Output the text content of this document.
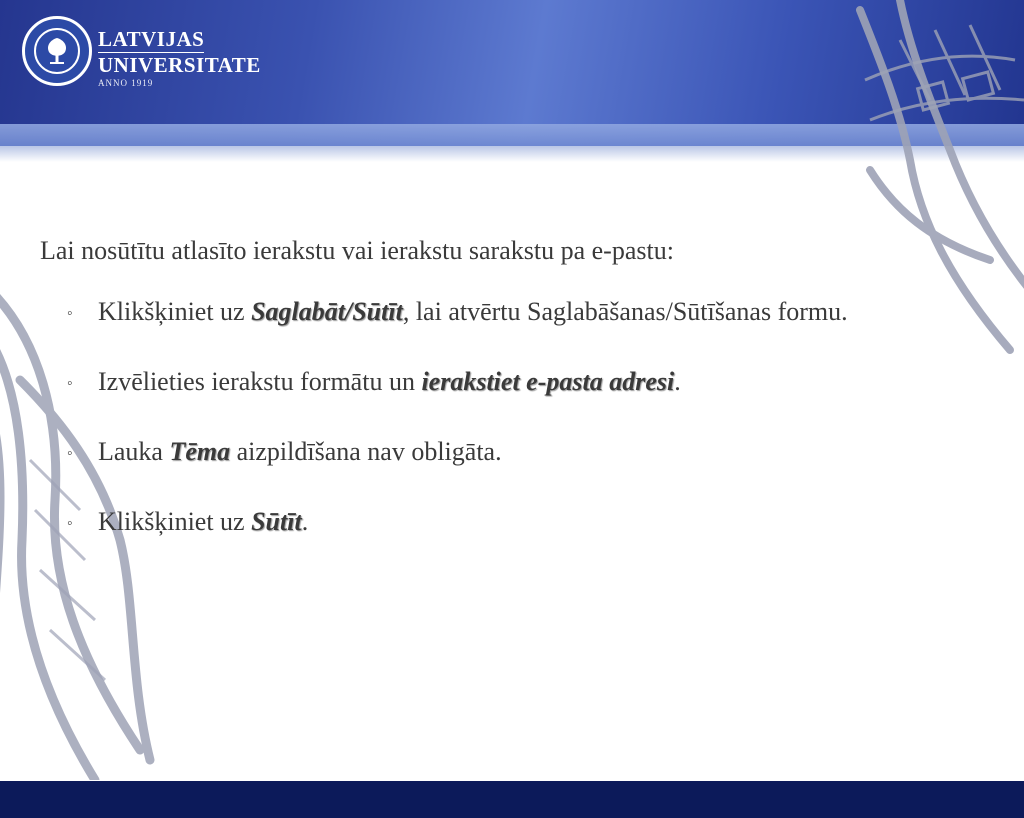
LATVIJAS
UNIVERSITATE
ANNO 1919

Lai nosūtītu atlasīto ierakstu vai ierakstu sarakstu pa e-pastu:

◦ Klikšķiniet uz Saglabāt/Sūtīt, lai atvērtu Saglabāšanas/Sūtīšanas formu.
◦ Izvēlieties ierakstu formātu un ierakstiet e-pasta adresi.
◦ Lauka Tēma aizpildīšana nav obligāta.
◦ Klikšķiniet uz Sūtīt.
